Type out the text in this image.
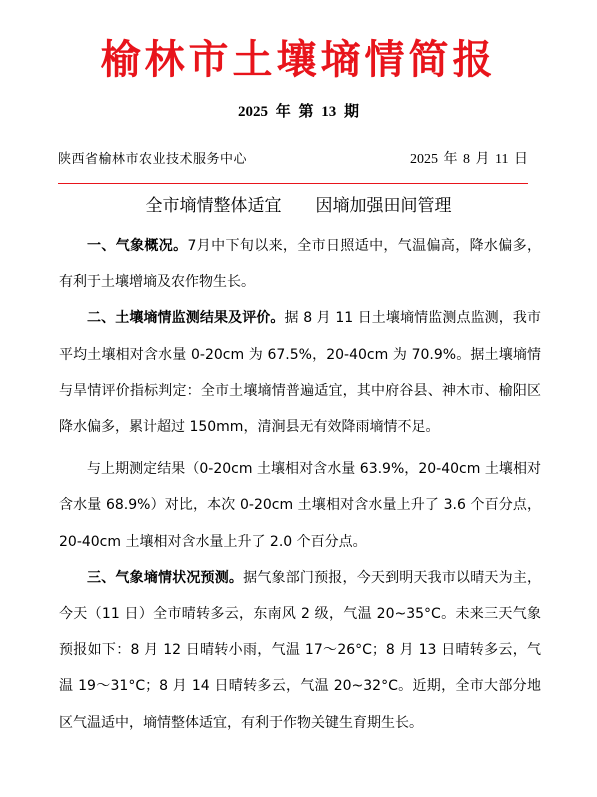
榆林市土壤墒情简报
2025 年 第 13 期
陕西省榆林市农业技术服务中心	2025 年 8 月 11 日
全市墒情整体适宜　　因墒加强田间管理

一、气象概况。7月中下旬以来，全市日照适中，气温偏高，降水偏多，有利于土壤增墒及农作物生长。

二、土壤墒情监测结果及评价。据 8 月 11 日土壤墒情监测点监测，我市平均土壤相对含水量 0-20cm 为 67.5%，20-40cm 为 70.9%。据土壤墒情与旱情评价指标判定：全市土壤墒情普遍适宜，其中府谷县、神木市、榆阳区降水偏多，累计超过 150mm，清涧县无有效降雨墒情不足。

与上期测定结果（0-20cm 土壤相对含水量 63.9%，20-40cm 土壤相对含水量 68.9%）对比，本次 0-20cm 土壤相对含水量上升了 3.6 个百分点，20-40cm 土壤相对含水量上升了 2.0 个百分点。

三、气象墒情状况预测。据气象部门预报，今天到明天我市以晴天为主，今天（11 日）全市晴转多云，东南风 2 级，气温 20~35°C。未来三天气象预报如下：8 月 12 日晴转小雨，气温 17～26°C；8 月 13 日晴转多云，气温 19～31°C；8 月 14 日晴转多云，气温 20~32°C。近期，全市大部分地区气温适中，墒情整体适宜，有利于作物关键生育期生长。
